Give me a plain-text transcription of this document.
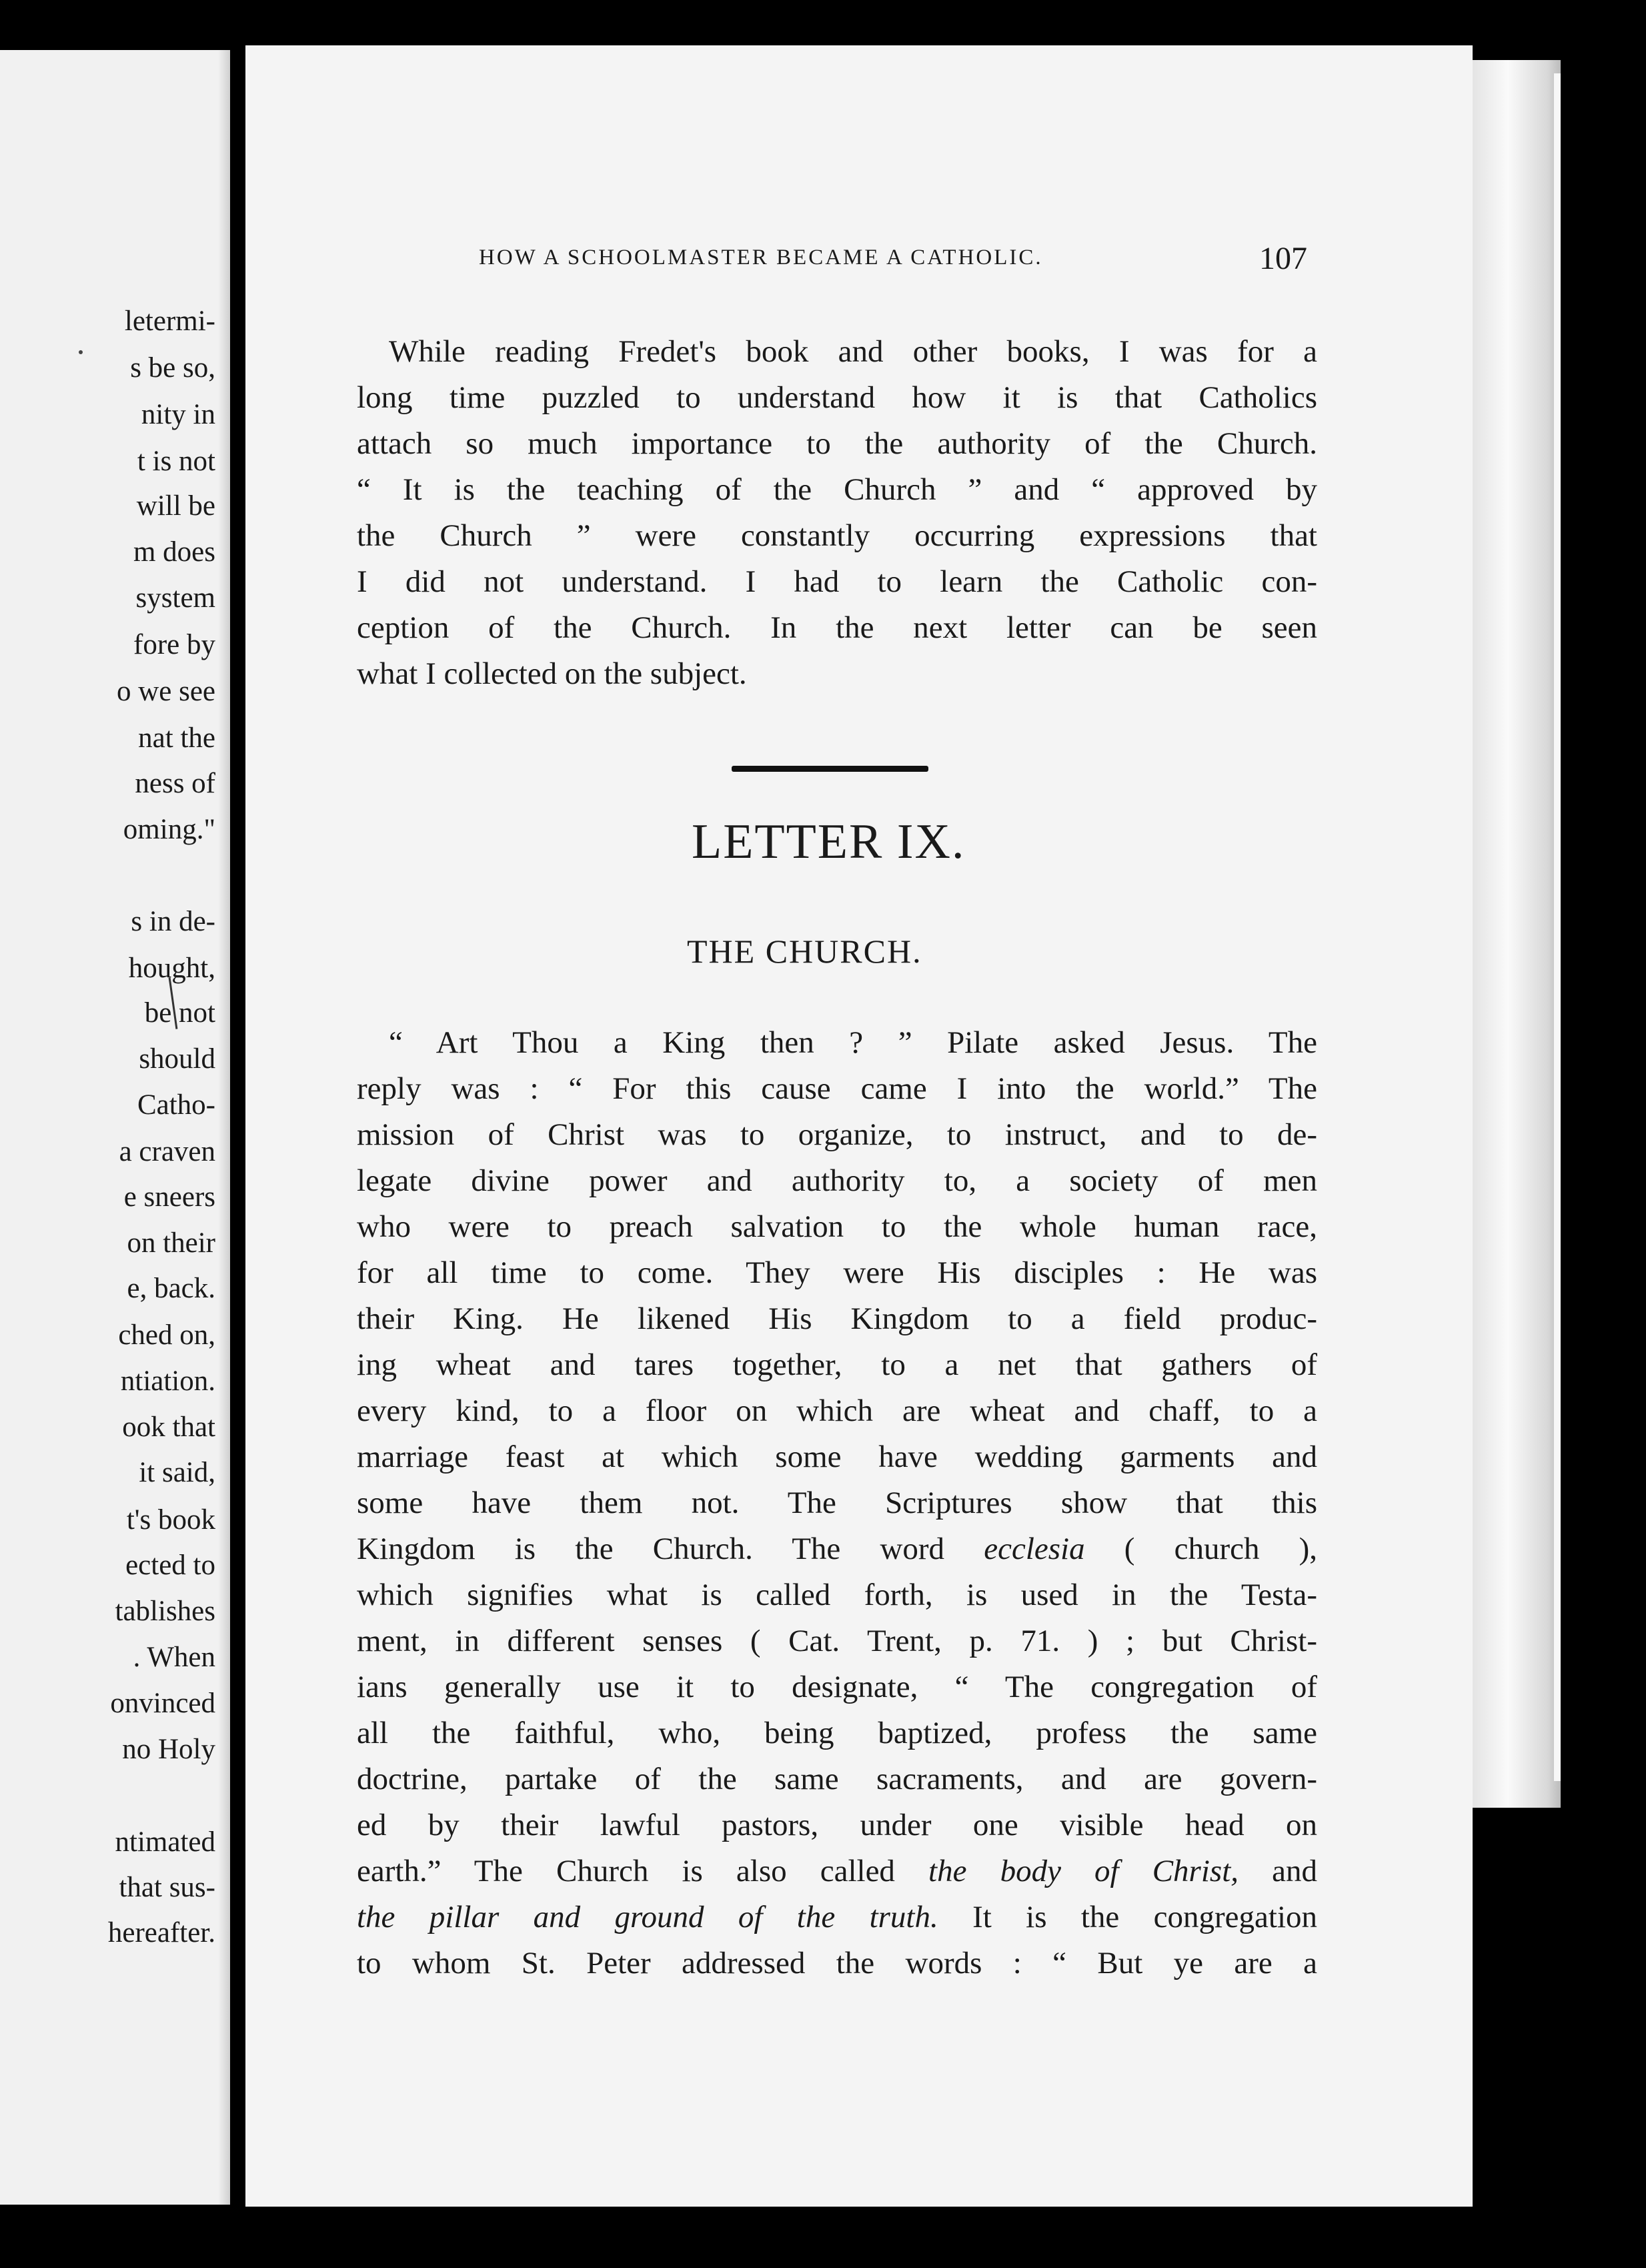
letermi-
s be so,
nity in
t is not
will be
m does
system
fore by
o we see
nat the
ness of
oming."
s in de-
hought,
be not
should
Catho-
a craven
e sneers
on their
e, back.
ched on,
ntiation.
ook that
it said,
t's book
ected to
tablishes
. When
onvinced
no Holy
ntimated
that sus-
hereafter.
HOW A SCHOOLMASTER BECAME A CATHOLIC.	107
While reading Fredet's book and other books, I was for a
long time puzzled to understand how it is that Catholics
attach so much importance to the authority of the Church.
“ It is the teaching of the Church ” and “ approved by
the Church ” were constantly occurring expressions that
I did not understand. I had to learn the Catholic con-
ception of the Church. In the next letter can be seen
what I collected on the subject.
LETTER IX.
THE CHURCH.
“ Art Thou a King then ? ” Pilate asked Jesus. The
reply was : “ For this cause came I into the world.” The
mission of Christ was to organize, to instruct, and to de-
legate divine power and authority to, a society of men
who were to preach salvation to the whole human race,
for all time to come. They were His disciples : He was
their King. He likened His Kingdom to a field produc-
ing wheat and tares together, to a net that gathers of
every kind, to a floor on which are wheat and chaff, to a
marriage feast at which some have wedding garments and
some have them not. The Scriptures show that this
Kingdom is the Church. The word ecclesia ( church ),
which signifies what is called forth, is used in the Testa-
ment, in different senses ( Cat. Trent, p. 71. ) ; but Christ-
ians generally use it to designate, “ The congregation of
all the faithful, who, being baptized, profess the same
doctrine, partake of the same sacraments, and are govern-
ed by their lawful pastors, under one visible head on
earth.” The Church is also called the body of Christ, and
the pillar and ground of the truth. It is the congregation
to whom St. Peter addressed the words : “ But ye are a
